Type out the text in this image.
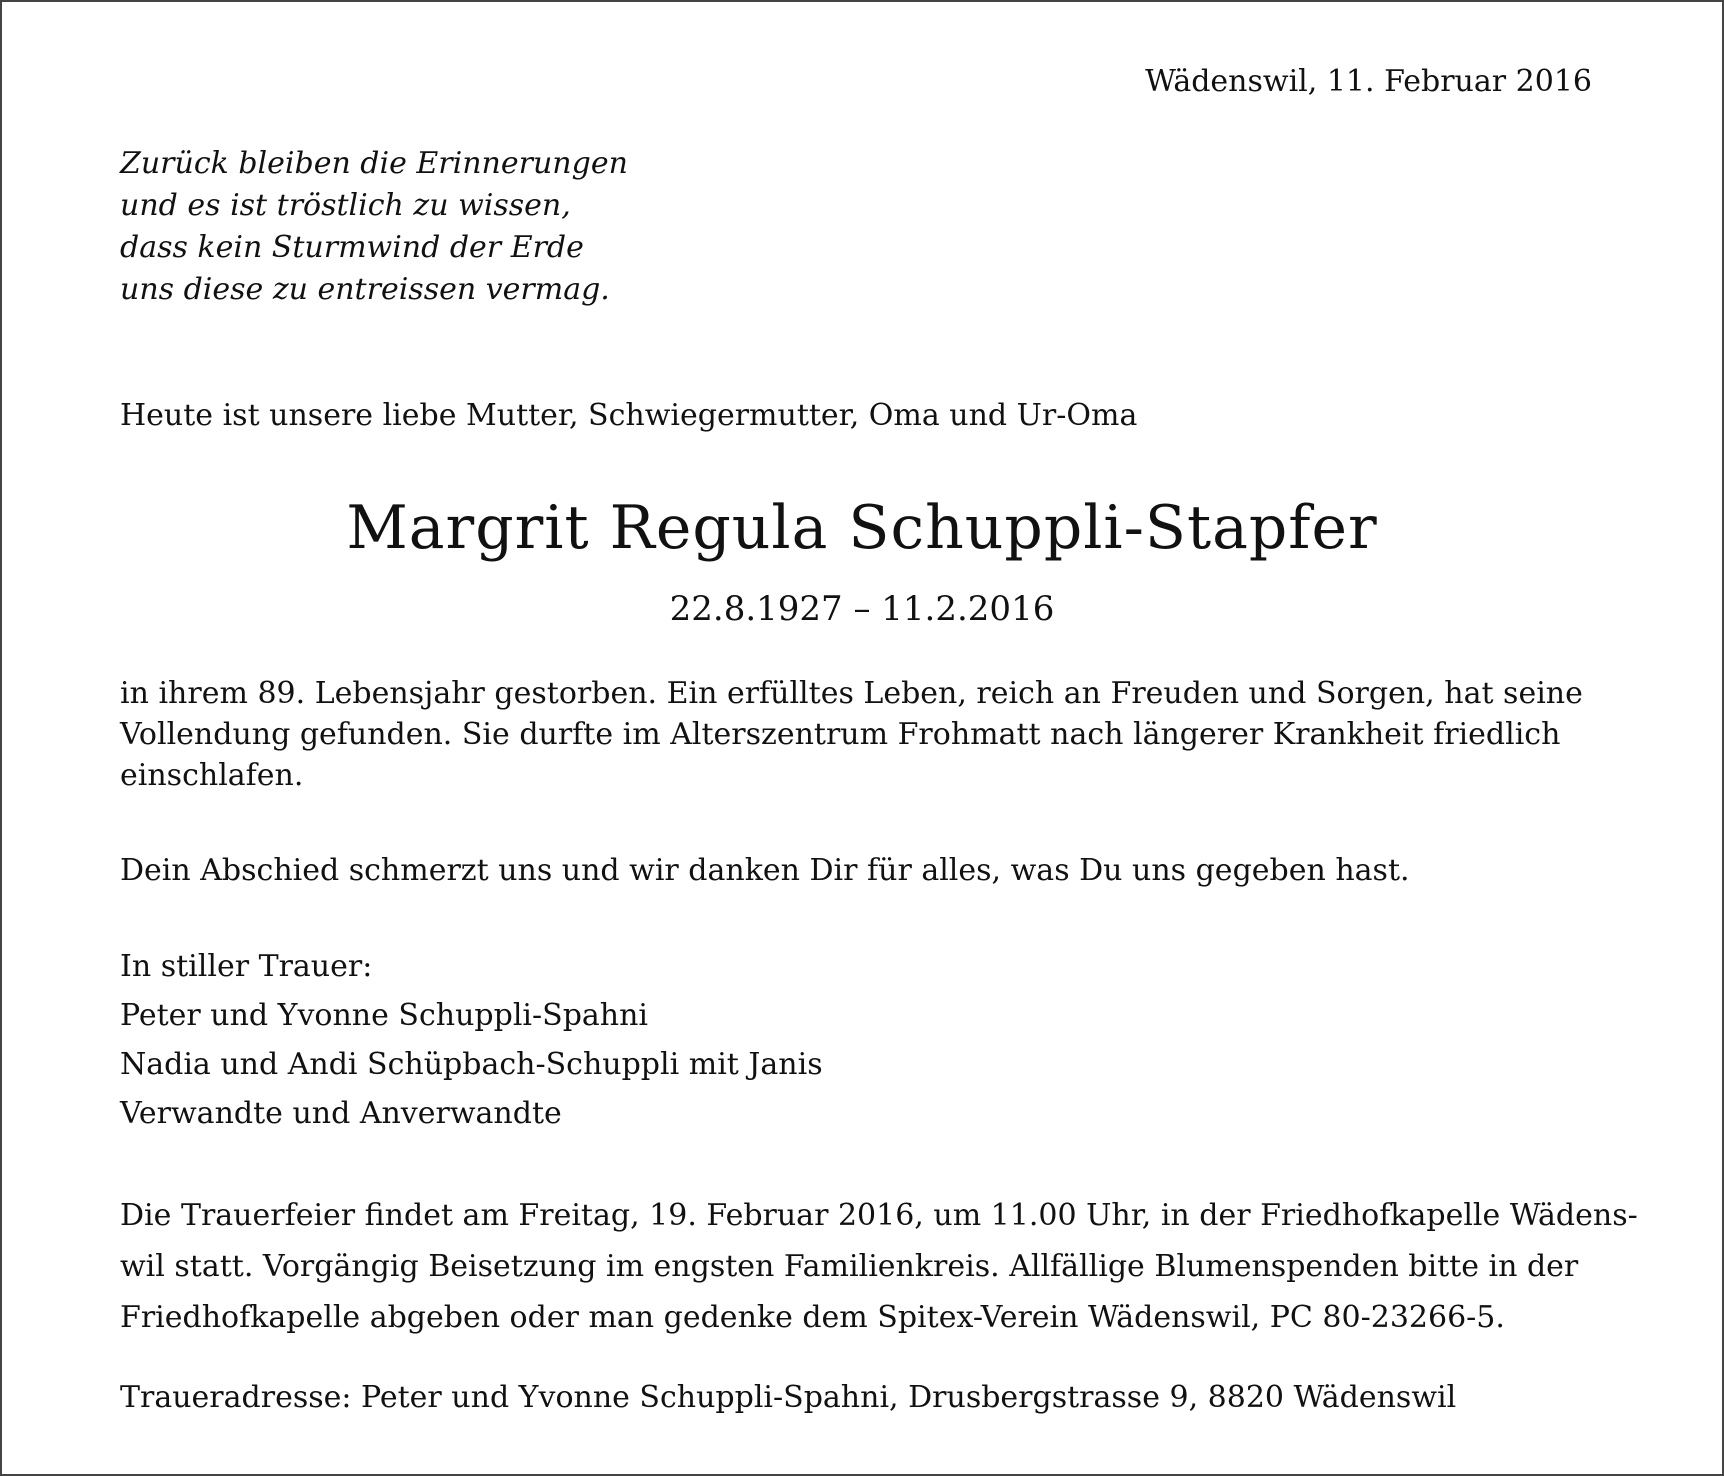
Wädenswil, 11. Februar 2016
Zurück bleiben die Erinnerungen
und es ist tröstlich zu wissen,
dass kein Sturmwind der Erde
uns diese zu entreissen vermag.
Heute ist unsere liebe Mutter, Schwiegermutter, Oma und Ur-Oma
Margrit Regula Schuppli-Stapfer
22.8.1927 – 11.2.2016
in ihrem 89. Lebensjahr gestorben. Ein erfülltes Leben, reich an Freuden und Sorgen, hat seine
Vollendung gefunden. Sie durfte im Alterszentrum Frohmatt nach längerer Krankheit friedlich
einschlafen.
Dein Abschied schmerzt uns und wir danken Dir für alles, was Du uns gegeben hast.
In stiller Trauer:
Peter und Yvonne Schuppli-Spahni
Nadia und Andi Schüpbach-Schuppli mit Janis
Verwandte und Anverwandte
Die Trauerfeier findet am Freitag, 19. Februar 2016, um 11.00 Uhr, in der Friedhofkapelle Wädens-
wil statt. Vorgängig Beisetzung im engsten Familienkreis. Allfällige Blumenspenden bitte in der
Friedhofkapelle abgeben oder man gedenke dem Spitex-Verein Wädenswil, PC 80-23266-5.
Traueradresse: Peter und Yvonne Schuppli-Spahni, Drusbergstrasse 9, 8820 Wädenswil
